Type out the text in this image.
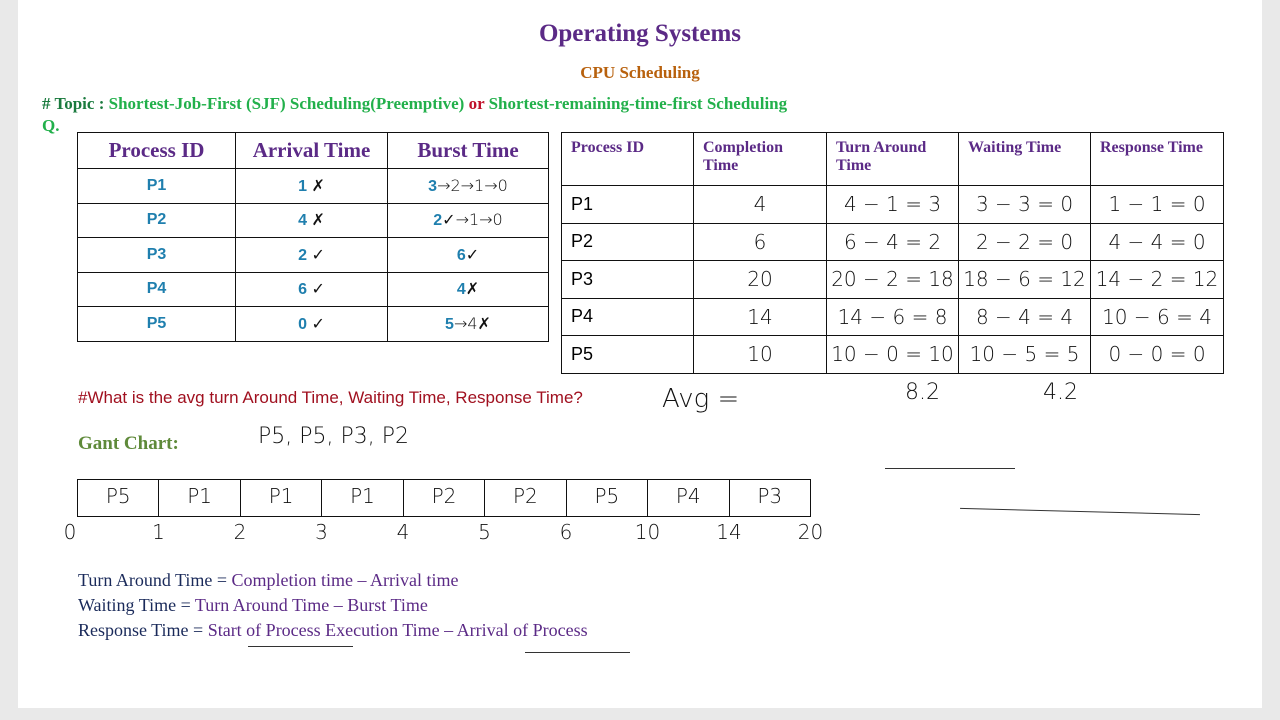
Operating Systems
CPU Scheduling
# Topic : Shortest-Job-First (SJF) Scheduling(Preemptive) or Shortest-remaining-time-first Scheduling
Q.
Process ID	Arrival Time	Burst Time
P1	1 ✗	3→2→1→0
P2	4 ✗	2✓→1→0
P3	2 ✓	6✓
P4	6 ✓	4✗
P5	0 ✓	5→4✗
Process ID	Completion Time	Turn Around Time	Waiting Time	Response Time
P1	4	4 − 1 = 3	3 − 3 = 0	1 − 1 = 0
P2	6	6 − 4 = 2	2 − 2 = 0	4 − 4 = 0
P3	20	20 − 2 = 18	18 − 6 = 12	14 − 2 = 12
P4	14	14 − 6 = 8	8 − 4 = 4	10 − 6 = 4
P5	10	10 − 0 = 10	10 − 5 = 5	0 − 0 = 0
#What is the avg turn Around Time, Waiting Time, Response Time?	Avg =	8.2	4.2
Gant Chart:	P5, P5, P3, P2
P5	P1	P1	P1	P2	P2	P5	P4	P3
0	1	2	3	4	5	6	10	14	20
Turn Around Time = Completion time – Arrival time
Waiting Time = Turn Around Time – Burst Time
Response Time = Start of Process Execution Time – Arrival of Process
